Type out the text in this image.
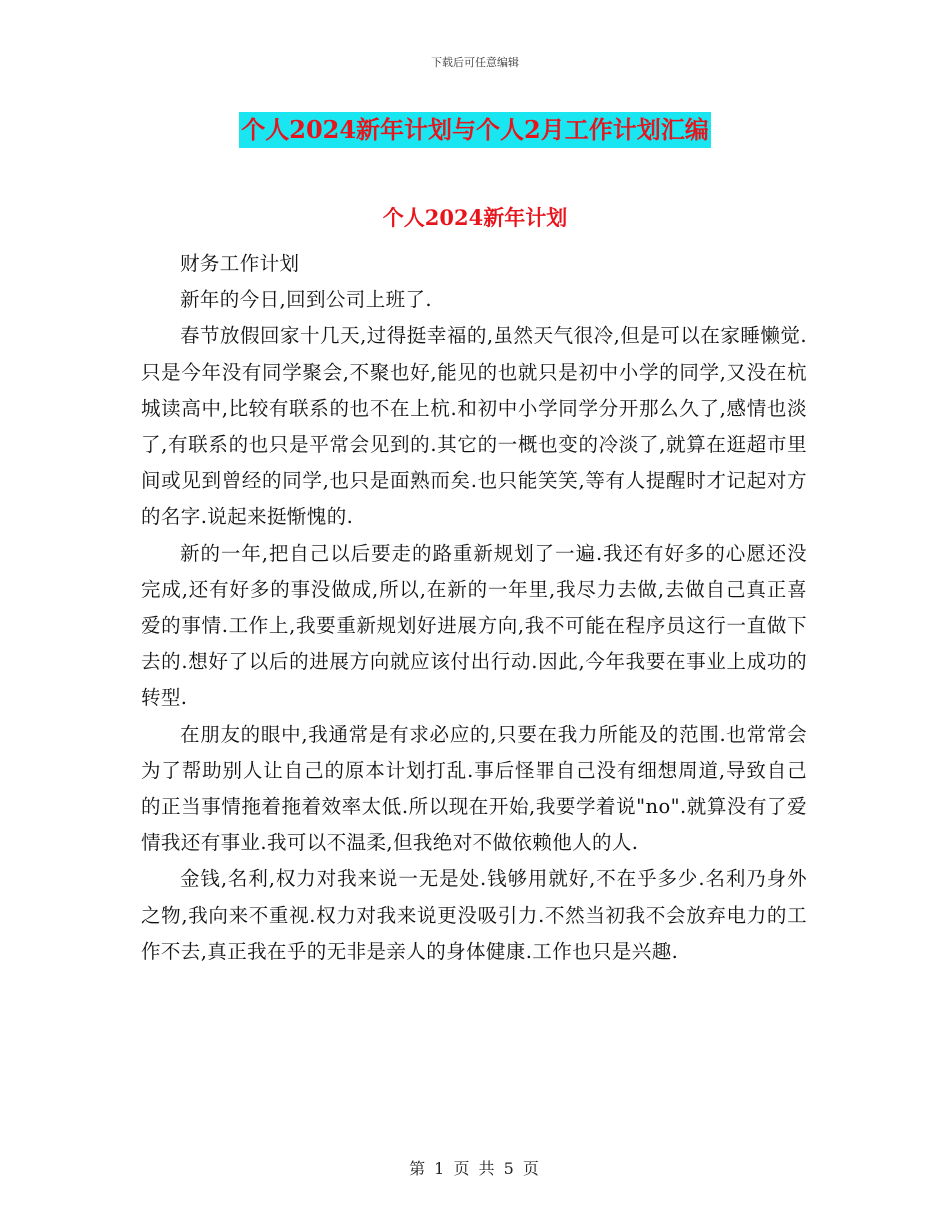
下载后可任意编辑
个人2024新年计划与个人2月工作计划汇编
个人2024新年计划

财务工作计划

新年的今日,回到公司上班了.

春节放假回家十几天,过得挺幸福的,虽然天气很冷,但是可以在家睡懒觉.只是今年没有同学聚会,不聚也好,能见的也就只是初中小学的同学,又没在杭城读高中,比较有联系的也不在上杭.和初中小学同学分开那么久了,感情也淡了,有联系的也只是平常会见到的.其它的一概也变的冷淡了,就算在逛超市里间或见到曾经的同学,也只是面熟而矣.也只能笑笑,等有人提醒时才记起对方的名字.说起来挺惭愧的.

新的一年,把自己以后要走的路重新规划了一遍.我还有好多的心愿还没完成,还有好多的事没做成,所以,在新的一年里,我尽力去做,去做自己真正喜爱的事情.工作上,我要重新规划好进展方向,我不可能在程序员这行一直做下去的.想好了以后的进展方向就应该付出行动.因此,今年我要在事业上成功的转型.

在朋友的眼中,我通常是有求必应的,只要在我力所能及的范围.也常常会为了帮助别人让自己的原本计划打乱.事后怪罪自己没有细想周道,导致自己的正当事情拖着拖着效率太低.所以现在开始,我要学着说"no".就算没有了爱情我还有事业.我可以不温柔,但我绝对不做依赖他人的人.

金钱,名利,权力对我来说一无是处.钱够用就好,不在乎多少.名利乃身外之物,我向来不重视.权力对我来说更没吸引力.不然当初我不会放弃电力的工作不去,真正我在乎的无非是亲人的身体健康.工作也只是兴趣.

第 1 页 共 5 页
